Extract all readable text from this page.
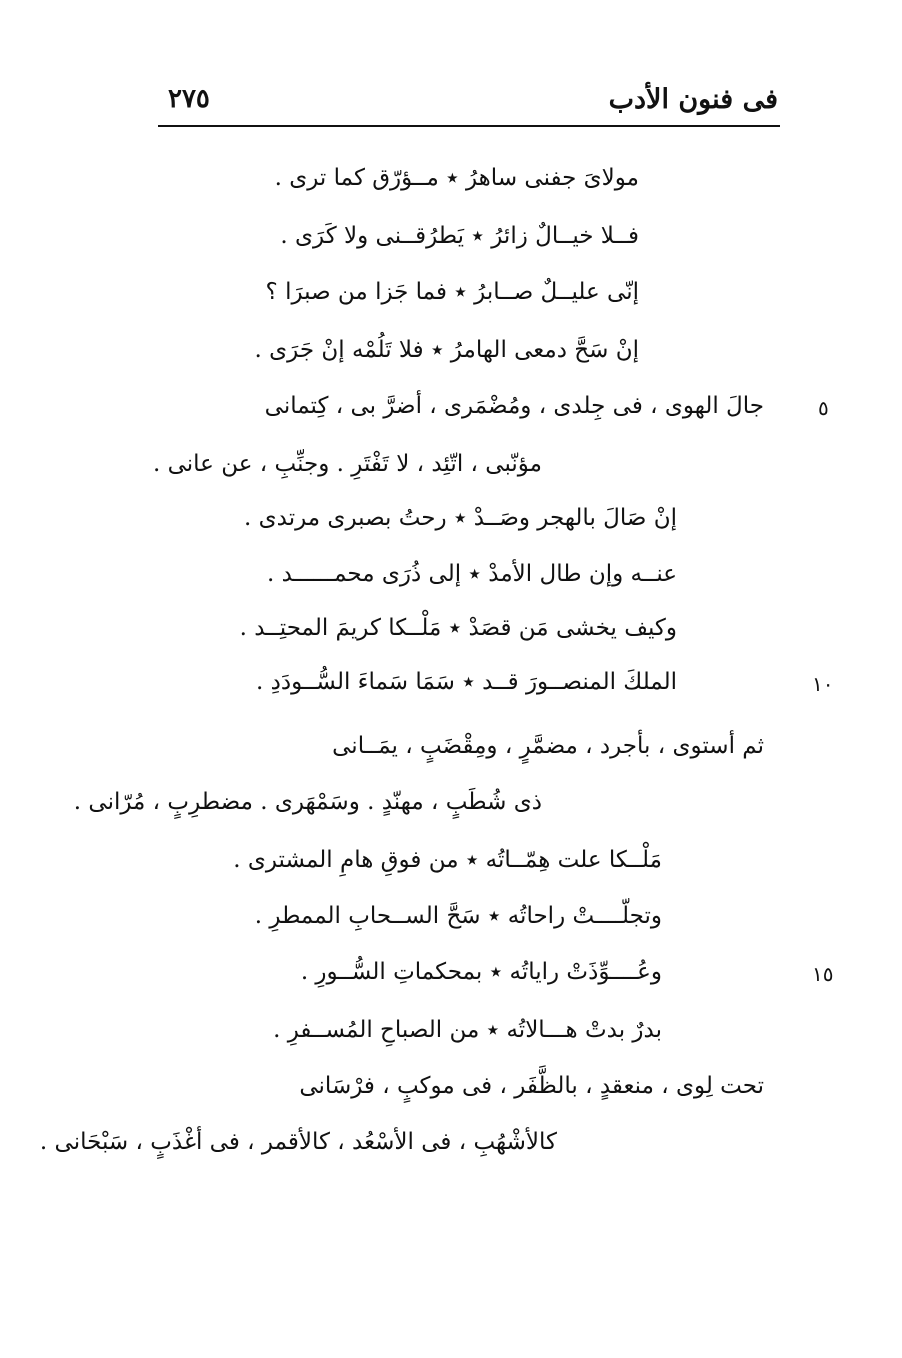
فى فنون الأدب
٢٧٥
مولاىَ جفنى ساهرُ ٭ مــؤرّق كما ترى .
فــلا خيــالٌ زائرُ ٭ يَطرُقــنى ولا كَرَى .
إنّى عليــلٌ صــابرُ ٭ فما جَزا من صبرَا ؟
إنْ سَحَّ دمعى الهامرُ ٭ فلا تَلُمْه إنْ جَرَى .
جالَ الهوى ، فى جِلدى ، ومُضْمَرى ، أضرَّ بى ، كِتمانى
مؤنّبى ، اتّئِد ، لا تَفْتَرِ . وجنِّبِ ، عن عانى .
إنْ صَالَ بالهجر وصَــدْ ٭ رحتُ بصبرى مرتدى .
عنــه وإن طال الأمدْ ٭ إلى ذُرَى محمــــــد .
وكيف يخشى مَن قصَدْ ٭ مَلْــكا كريمَ المحتِــد .
الملكَ المنصــورَ قــد ٭ سَمَا سَماءَ السُّــودَدِ .
ثم أستوى ، بأجرد ، مضمَّرٍ ، ومِقْضَبٍ ، يمَــانى
ذى شُطَبٍ ، مهنّدٍ . وسَمْهَرى . مضطرِبٍ ، مُرّانى .
مَلْــكا علت هِمّــاتُه ٭ من فوقِ هامِ المشترى .
وتجلّــــتْ راحاتُه ٭ سَحَّ الســحابِ الممطرِ .
وعُــــوِّذَتْ راياتُه ٭ بمحكماتِ السُّــورِ .
بدرٌ بدتْ هـــالاتُه ٭ من الصباحِ المُســفرِ .
تحت لِوى ، منعقدٍ ، بالظَّفَر ، فى موكبٍ ، فرْسَانى
كالأشْهُبِ ، فى الأسْعُد ، كالأقمر ، فى أغْذَبٍ ، سَبْحَانى .
٥
١٠
١٥
